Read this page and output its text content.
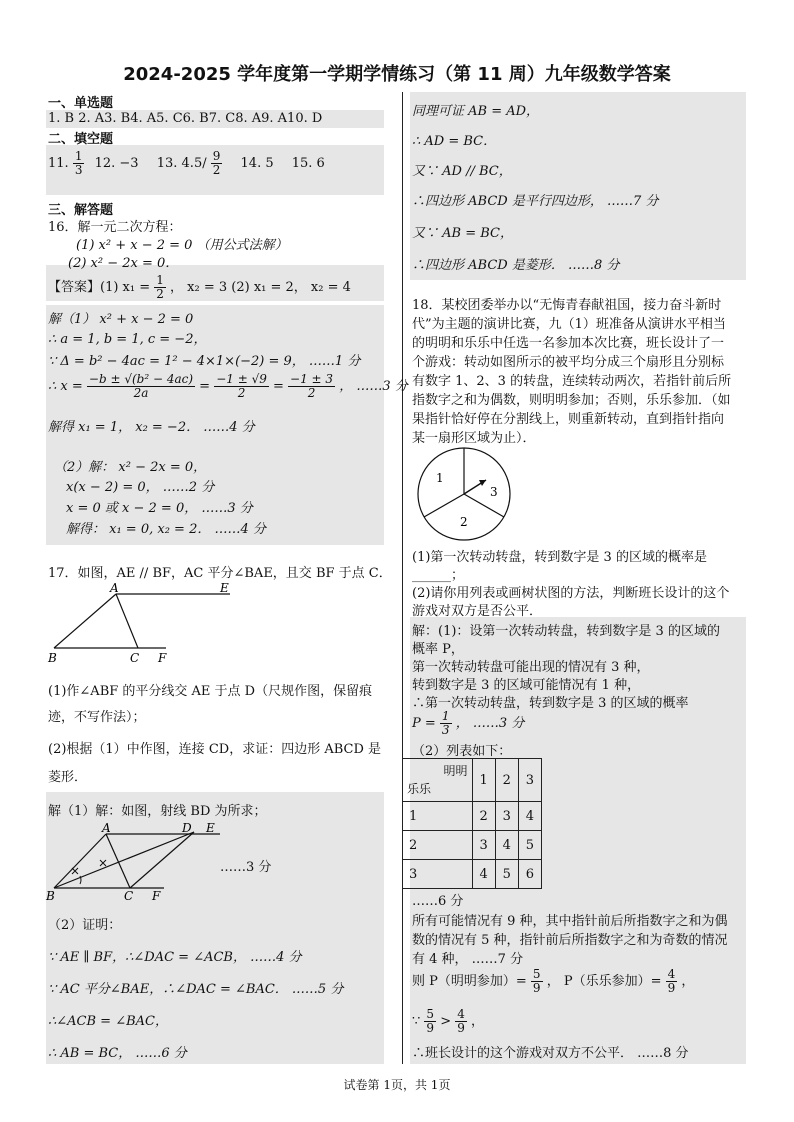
2024-2025 学年度第一学期学情练习（第 11 周）九年级数学答案
一、单选题
1. B 2. A3. B4. A5. C6. B7. C8. A9. A10. D
二、填空题
11. $\frac{1}{3} 12$. −3 13. $4.5/ \frac{9}{2} 14$. 5 15. 6
三、解答题
16．解一元二次方程：
(1) x² + x − 2 = 0 （用公式法解）
(2) x² − 2x = 0．
【答案】(1) $x_1 = \frac{1}{2}$ ， x₂ = 3 (2) x₁ = 2， x₂ = 4
解（1） x² + x − 2 = 0
∴ a = 1, b = 1, c = −2，
∵ Δ = b² − 4ac = 1² − 4×1×(−2) = 9， ……1 分
∴ $x = \frac{\text{−b ± √(b² − 4ac)}}{2a} = \frac{-1 \pm √9}{2} = \frac{-1 \pm 3}{2}$ ， ……3 分
解得 x₁ = 1， x₂ = −2． ……4 分
（2）解： x² − 2x = 0，
x(x − 2) = 0， ……2 分
x = 0 或 x − 2 = 0， ……3 分
解得： x₁ = 0, x₂ = 2． ……4 分
17．如图，AE // BF，AC 平分∠BAE，且交 BF 于点 C．
A	E
B	C F
(1)作∠ABF 的平分线交 AE 于点 D（尺规作图，保留痕
迹，不写作法）；
(2)根据（1）中作图，连接 CD，求证：四边形 ABCD 是
菱形．
解（1）解：如图，射线 BD 为所求；
A	D E
B	C F
……3 分
（2）证明：
∵ AE ∥ BF，∴∠DAC = ∠ACB， ……4 分
∵ AC 平分∠BAE，∴∠DAC = ∠BAC． ……5 分
∴∠ACB = ∠BAC，
∴ AB = BC， ……6 分
同理可证 AB = AD，
∴ AD = BC．
又∵ AD // BC，
∴四边形 ABCD 是平行四边形， ……7 分
又∵ AB = BC，
∴四边形 ABCD 是菱形． ……8 分
18．某校团委举办以“无悔青春献祖国，接力奋斗新时
代”为主题的演讲比赛，九（1）班准备从演讲水平相当
的明明和乐乐中任选一名参加本次比赛，班长设计了一
个游戏：转动如图所示的被平均分成三个扇形且分别标
有数字 1、2、3 的转盘，连续转动两次，若指针前后所
指数字之和为偶数，则明明参加；否则，乐乐参加．（如
果指针恰好停在分割线上，则重新转动，直到指针指向
某一扇形区域为止）．
1
2
3
(1)第一次转动转盘，转到数字是 3 的区域的概率是
______；
(2)请你用列表或画树状图的方法，判断班长设计的这个
游戏对双方是否公平．
解：(1)：设第一次转动转盘，转到数字是 3 的区域的
概率 P，
第一次转动转盘可能出现的情况有 3 种，
转到数字是 3 的区域可能情况有 1 种，
∴第一次转动转盘，转到数字是 3 的区域的概率
$P = \frac{1}{3}$ ， ……3 分
（2）列表如下：
明明
乐乐	1	2	3
1	2	3	4
2	3	4	5
3	4	5	6
……6 分
所有可能情况有 9 种，其中指针前后所指数字之和为偶
数的情况有 5 种，指针前后所指数字之和为奇数的情况
有 4 种， ……7 分
则 P（明明参加）= $\frac{5}{9}$ ， P（乐乐参加）= $\frac{4}{9}$ ，
∵ $\frac{5}{9} > \frac{4}{9}$ ，
∴班长设计的这个游戏对双方不公平． ……8 分
试卷第 1页，共 1页
